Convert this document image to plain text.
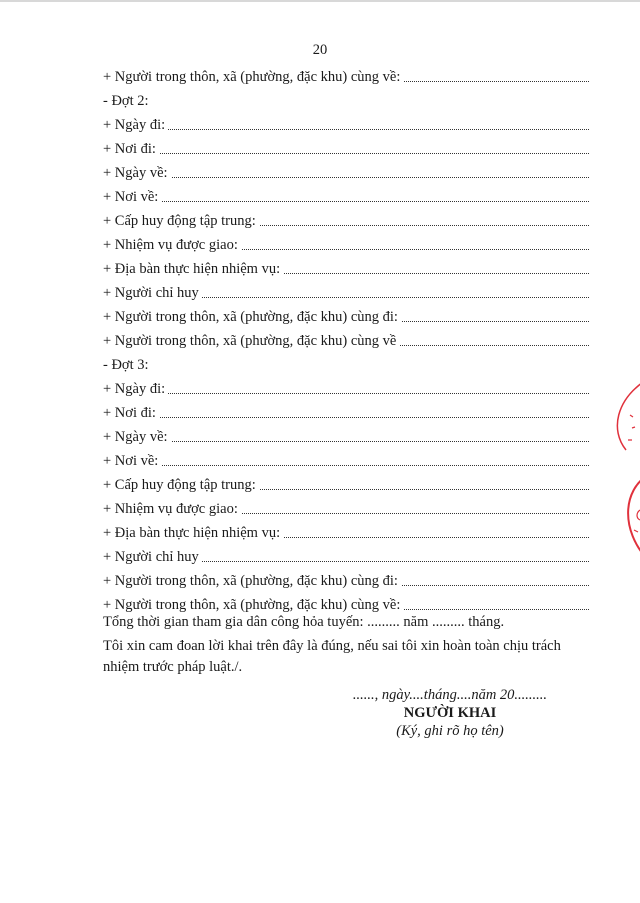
20
+ Người trong thôn, xã (phường, đặc khu) cùng về:
- Đợt 2:
+ Ngày đi:
+ Nơi đi:
+ Ngày về:
+ Nơi về:
+ Cấp huy động tập trung:
+ Nhiệm vụ được giao:
+ Địa bàn thực hiện nhiệm vụ:
+ Người chỉ huy
+ Người trong thôn, xã (phường, đặc khu) cùng đi:
+ Người trong thôn, xã (phường, đặc khu) cùng về
- Đợt 3:
+ Ngày đi:
+ Nơi đi:
+ Ngày về:
+ Nơi về:
+ Cấp huy động tập trung:
+ Nhiệm vụ được giao:
+ Địa bàn thực hiện nhiệm vụ:
+ Người chỉ huy
+ Người trong thôn, xã (phường, đặc khu) cùng đi:
+ Người trong thôn, xã (phường, đặc khu) cùng về:
Tổng thời gian tham gia dân công hỏa tuyến: ......... năm ......... tháng.
Tôi xin cam đoan lời khai trên đây là đúng, nếu sai tôi xin hoàn toàn chịu trách nhiệm trước pháp luật./.
......, ngày....tháng....năm 20.........
NGƯỜI KHAI
(Ký, ghi rõ họ tên)
